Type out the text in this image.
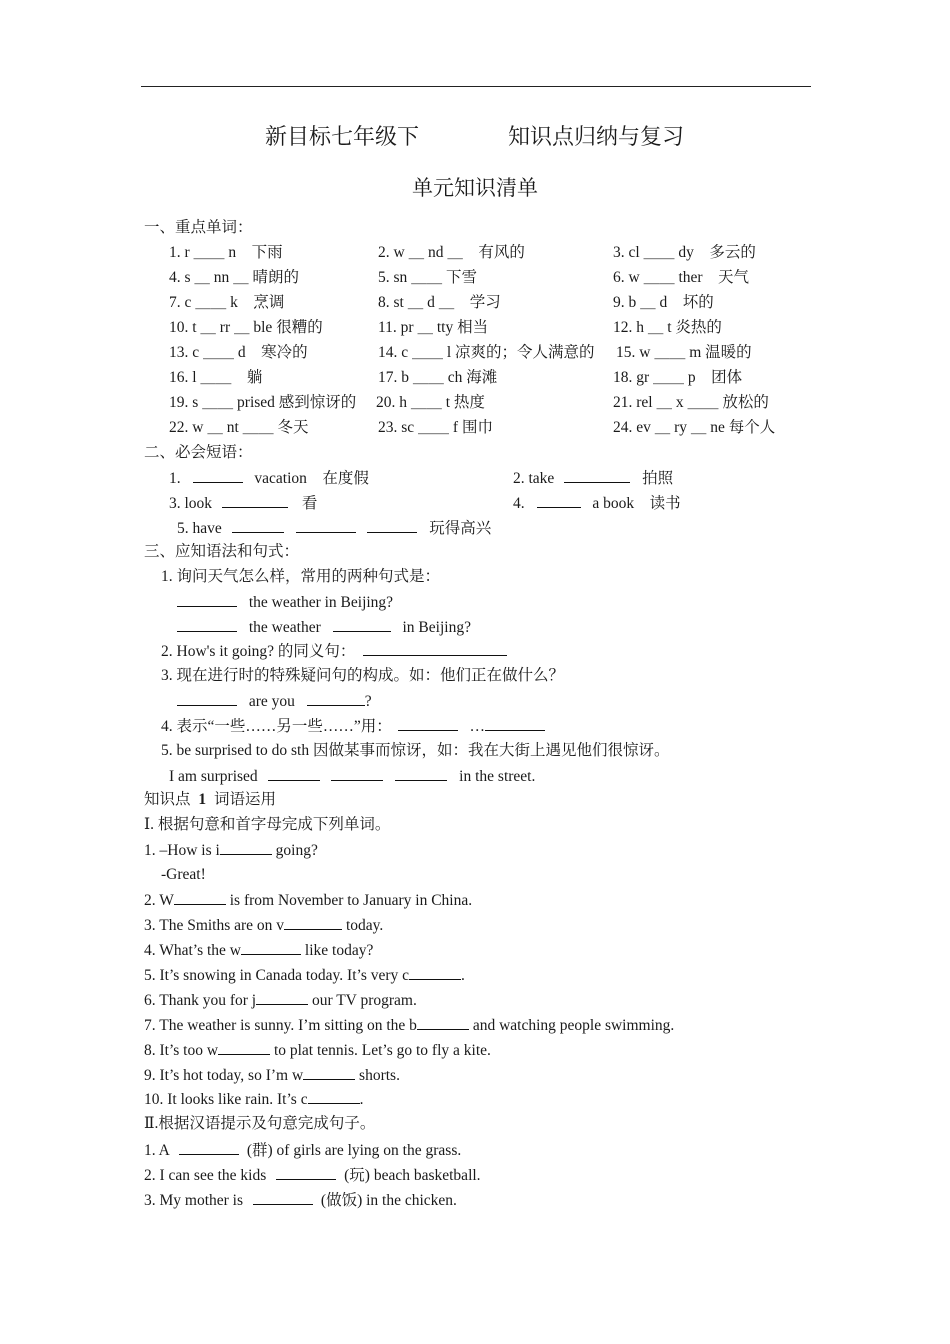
新目标七年级下	知识点归纳与复习
单元知识清单
一、重点单词：
1. r ＿＿ n　下雨	2. w ＿ nd ＿　有风的	3. cl ＿＿ dy　多云的
4. s ＿ nn ＿ 晴朗的	5. sn ＿＿ 下雪	6. w ＿＿ ther　天气
7. c ＿＿ k　烹调	8. st ＿ d ＿　学习	9. b ＿ d　坏的
10. t ＿ rr ＿ ble 很糟的	11. pr ＿ tty 相当	12. h ＿ t 炎热的
13. c ＿＿ d　寒冷的	14. c ＿＿ l 凉爽的；令人满意的 15. w ＿＿ m 温暖的
16. l ＿＿　躺	17. b ＿＿ ch 海滩	18. gr ＿＿ p　团体
19. s ＿＿ prised 感到惊讶的 20. h ＿＿ t 热度	21. rel ＿ x ＿＿ 放松的
22. w ＿ nt ＿＿ 冬天	23. sc ＿＿ f 围巾	24. ev ＿ ry ＿ ne 每个人
二、必会短语：
1.	vacation　在度假	2. take	拍照
3. look	看	4.	a book　读书
5. have	玩得高兴
三、应知语法和句式：
1. 询问天气怎么样，常用的两种句式是：
the weather in Beijing?
the weather	in Beijing?
2. How's it going? 的同义句：
3. 现在进行时的特殊疑问句的构成。如：他们正在做什么？
are you	?
4. 表示“一些……另一些……”用：	…
5. be surprised to do sth 因做某事而惊讶，如：我在大街上遇见他们很惊讶。
I am surprised	in the street.
知识点 1 词语运用
Ⅰ. 根据句意和首字母完成下列单词。
1. –How is i	going?
-Great!
2. W	is from November to January in China.
3. The Smiths are on v	today.
4. What’s the w	like today?
5. It’s snowing in Canada today. It’s very c	.
6. Thank you for j	our TV program.
7. The weather is sunny. I’m sitting on the b	and watching people swimming.
8. It’s too w	to plat tennis. Let’s go to fly a kite.
9. It’s hot today, so I’m w	shorts.
10. It looks like rain. It’s c	.
Ⅱ.根据汉语提示及句意完成句子。
1. A	(群) of girls are lying on the grass.
2. I can see the kids	(玩) beach basketball.
3. My mother is	(做饭) in the chicken.
